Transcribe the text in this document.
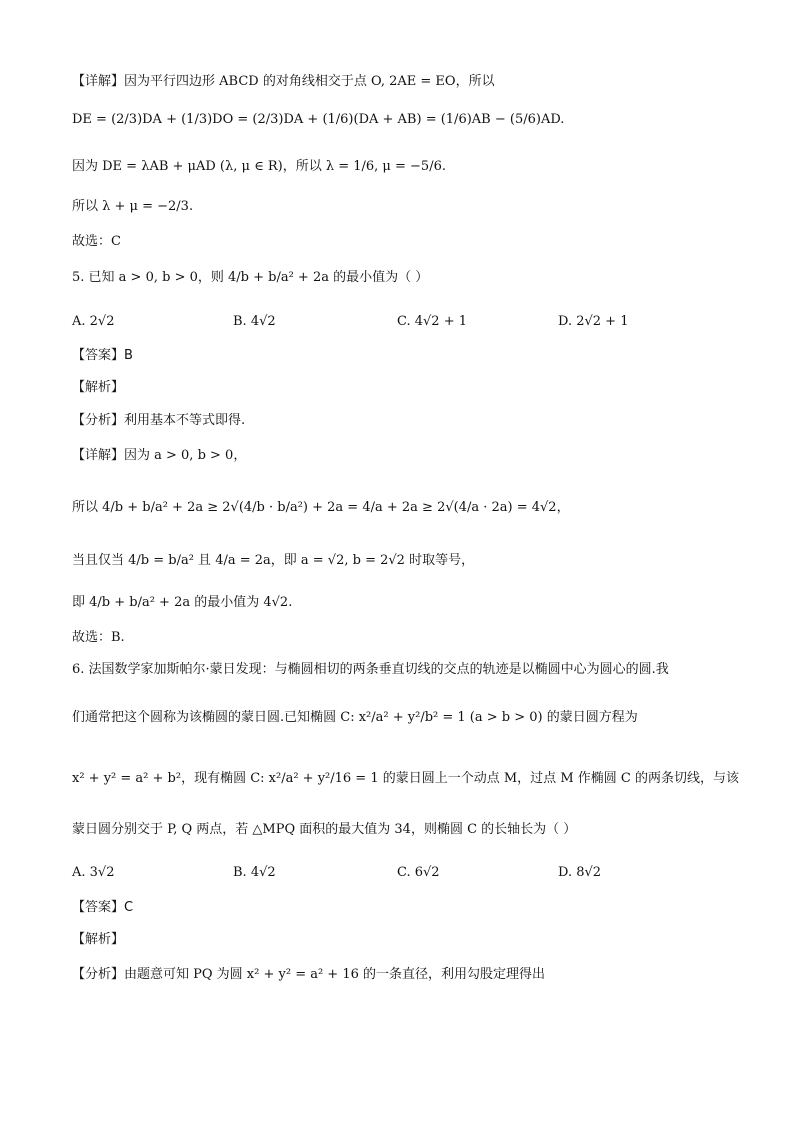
【详解】因为平行四边形 ABCD 的对角线相交于点 O, 2AE = EO，所以
DE = (2/3)DA + (1/3)DO = (2/3)DA + (1/6)(DA + AB) = (1/6)AB − (5/6)AD.
因为 DE = λAB + μAD (λ, μ ∈ R)，所以 λ = 1/6, μ = −5/6.
所以 λ + μ = −2/3.
故选：C
5. 已知 a > 0, b > 0，则 4/b + b/a² + 2a 的最小值为（ ）
A. 2√2	B. 4√2	C. 4√2 + 1	D. 2√2 + 1
【答案】B
【解析】
【分析】利用基本不等式即得.
【详解】因为 a > 0, b > 0，
所以 4/b + b/a² + 2a ≥ 2√(4/b · b/a²) + 2a = 4/a + 2a ≥ 2√(4/a · 2a) = 4√2，
当且仅当 4/b = b/a² 且 4/a = 2a，即 a = √2, b = 2√2 时取等号，
即 4/b + b/a² + 2a 的最小值为 4√2.
故选：B.
6. 法国数学家加斯帕尔·蒙日发现：与椭圆相切的两条垂直切线的交点的轨迹是以椭圆中心为圆心的圆.我
们通常把这个圆称为该椭圆的蒙日圆.已知椭圆 C: x²/a² + y²/b² = 1 (a > b > 0) 的蒙日圆方程为
x² + y² = a² + b²，现有椭圆 C: x²/a² + y²/16 = 1 的蒙日圆上一个动点 M，过点 M 作椭圆 C 的两条切线，与该
蒙日圆分别交于 P, Q 两点，若 △MPQ 面积的最大值为 34，则椭圆 C 的长轴长为（ ）
A. 3√2	B. 4√2	C. 6√2	D. 8√2
【答案】C
【解析】
【分析】由题意可知 PQ 为圆 x² + y² = a² + 16 的一条直径，利用勾股定理得出
